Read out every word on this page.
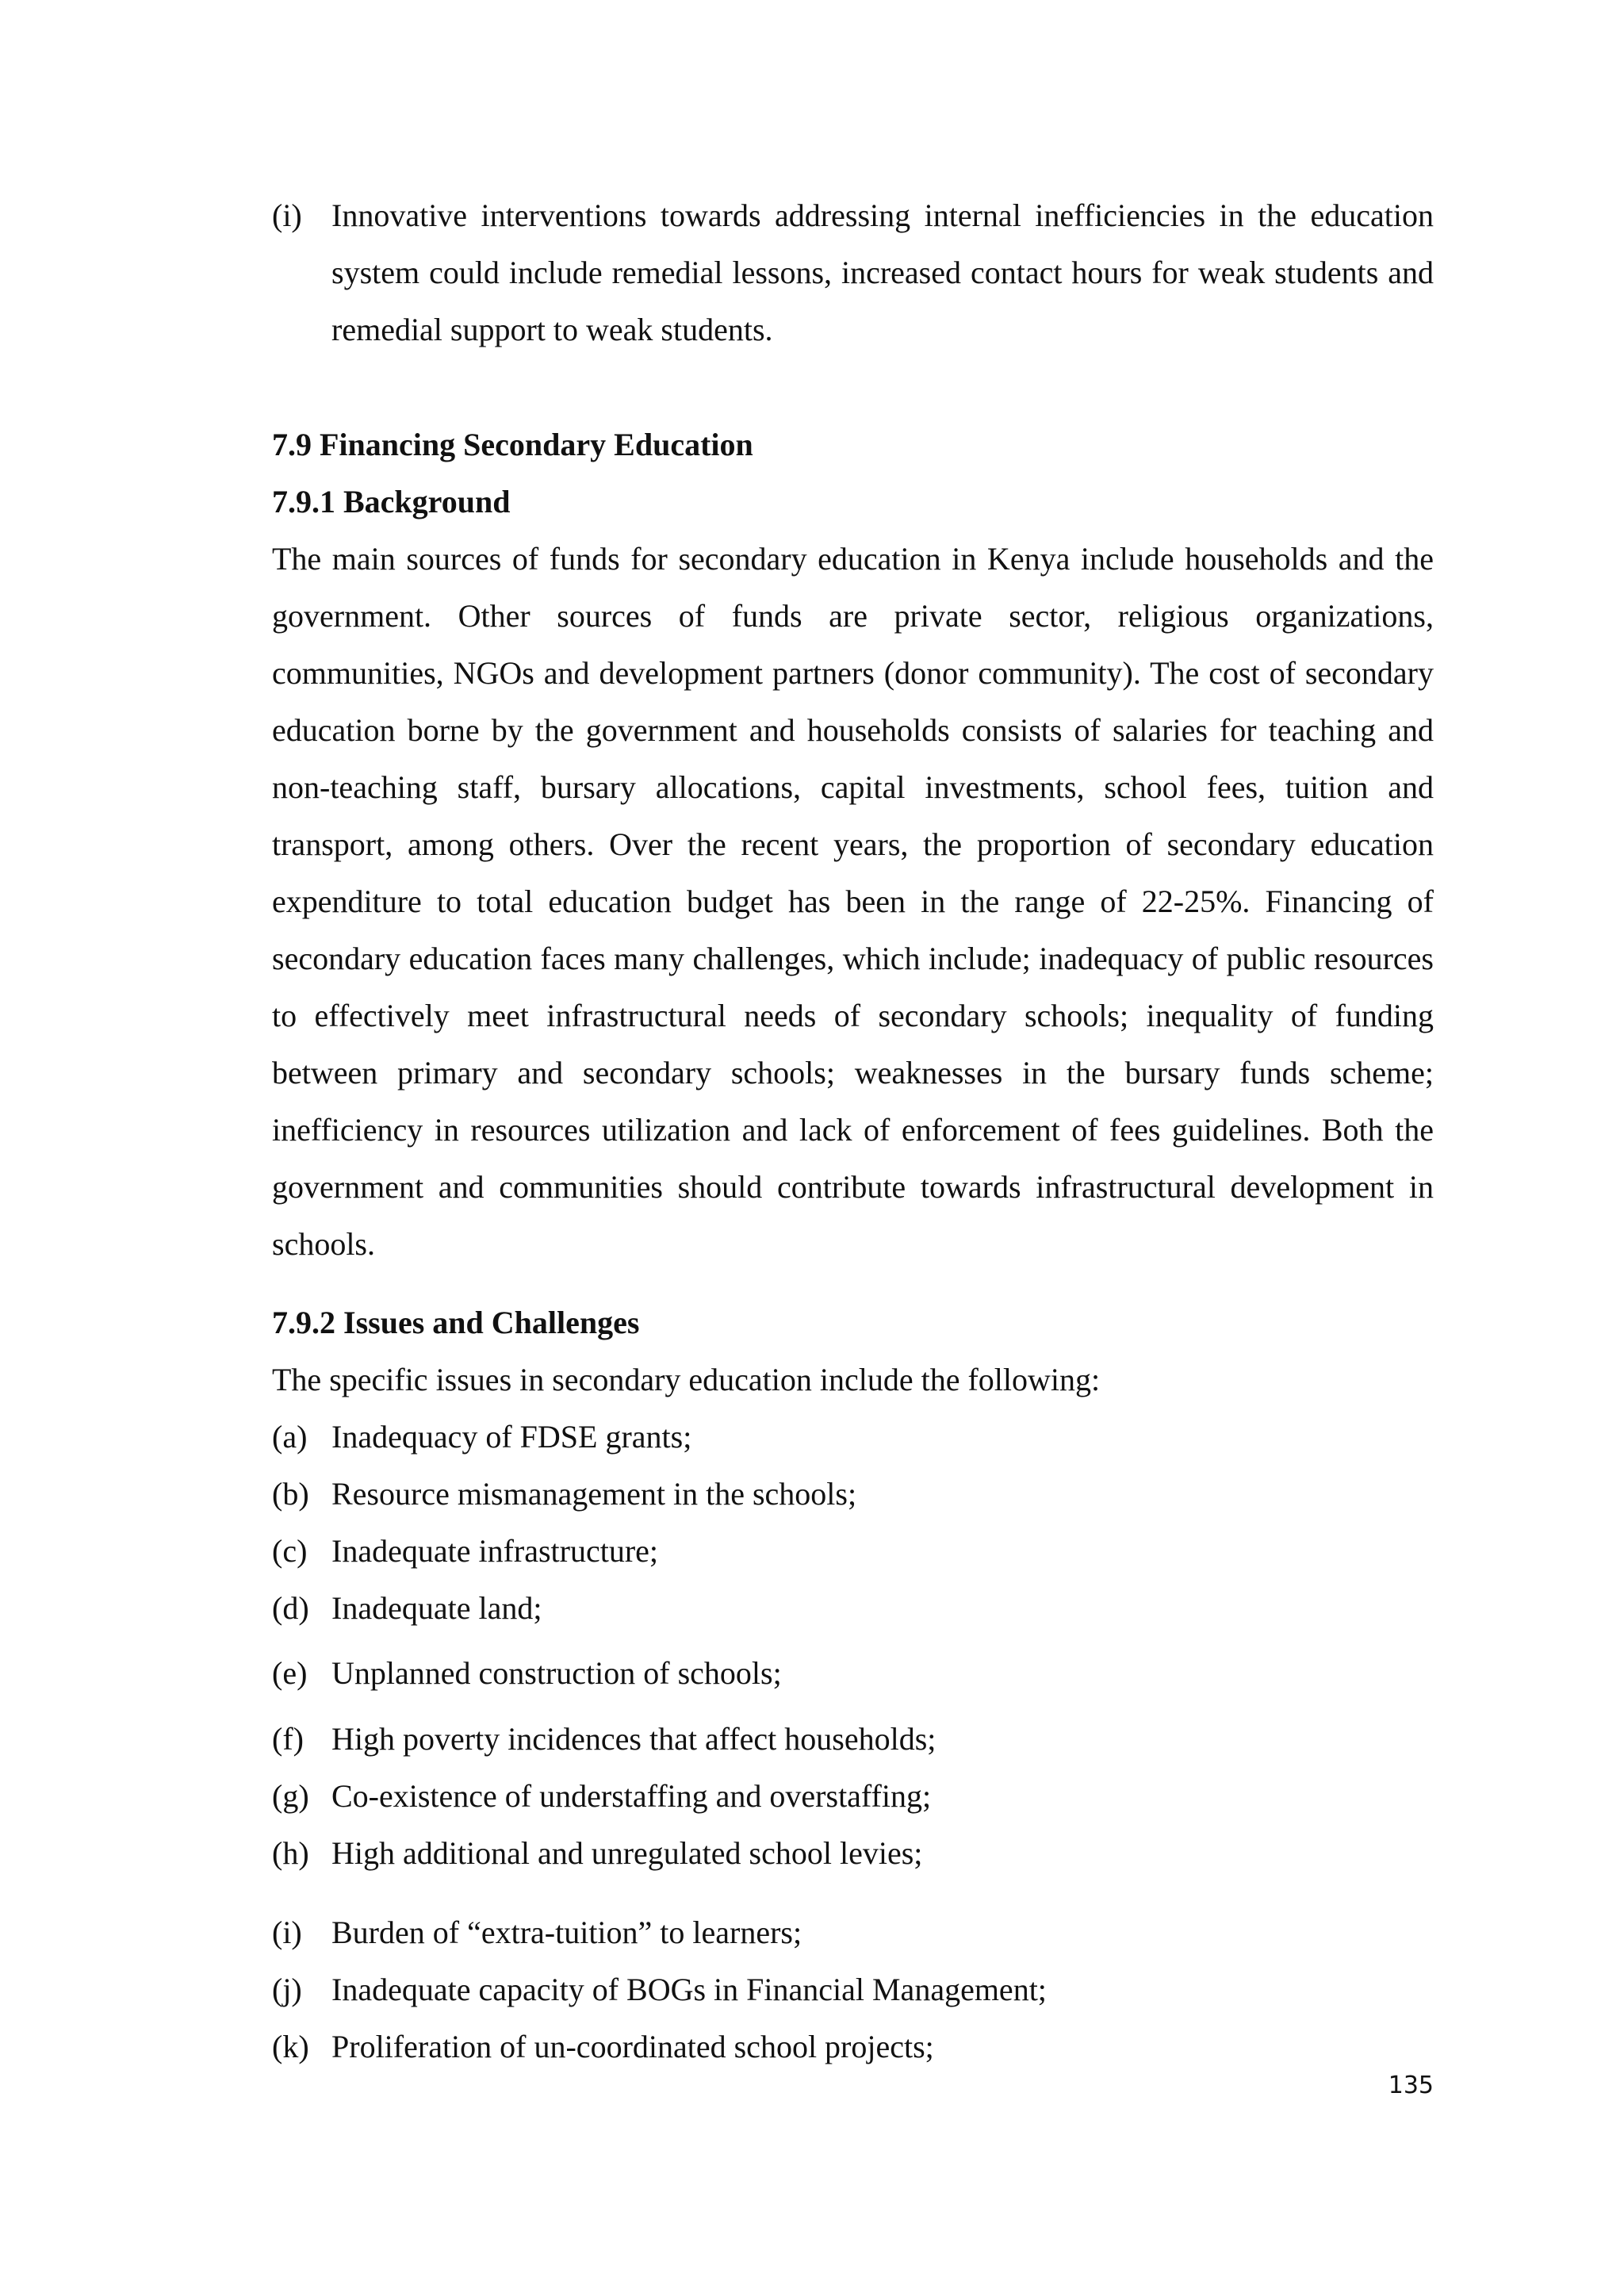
(i) Innovative interventions towards addressing internal inefficiencies in the education system could include remedial lessons, increased contact hours for weak students and remedial support to weak students.
7.9 Financing Secondary Education
7.9.1 Background

The main sources of funds for secondary education in Kenya include households and the government. Other sources of funds are private sector, religious organizations, communities, NGOs and development partners (donor community). The cost of secondary education borne by the government and households consists of salaries for teaching and non-teaching staff, bursary allocations, capital investments, school fees, tuition and transport, among others. Over the recent years, the proportion of secondary education expenditure to total education budget has been in the range of 22-25%. Financing of secondary education faces many challenges, which include; inadequacy of public resources to effectively meet infrastructural needs of secondary schools; inequality of funding between primary and secondary schools; weaknesses in the bursary funds scheme; inefficiency in resources utilization and lack of enforcement of fees guidelines. Both the government and communities should contribute towards infrastructural development in schools.

7.9.2 Issues and Challenges

The specific issues in secondary education include the following:

(a) Inadequacy of FDSE grants;
(b) Resource mismanagement in the schools;
(c) Inadequate infrastructure;
(d) Inadequate land;
(e) Unplanned construction of schools;
(f) High poverty incidences that affect households;
(g) Co-existence of understaffing and overstaffing;
(h) High additional and unregulated school levies;
(i) Burden of “extra-tuition” to learners;
(j) Inadequate capacity of BOGs in Financial Management;
(k) Proliferation of un-coordinated school projects;
135
